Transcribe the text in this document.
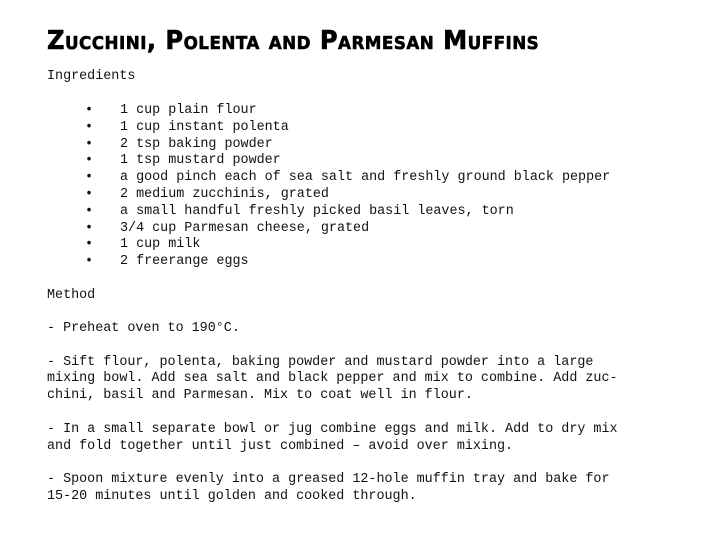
Zucchini, Polenta and Parmesan Muffins
Ingredients
• 1 cup plain flour
• 1 cup instant polenta
• 2 tsp baking powder
• 1 tsp mustard powder
• a good pinch each of sea salt and freshly ground black pepper
• 2 medium zucchinis, grated
• a small handful freshly picked basil leaves, torn
• 3/4 cup Parmesan cheese, grated
• 1 cup milk
• 2 freerange eggs
Method

- Preheat oven to 190°C.

- Sift flour, polenta, baking powder and mustard powder into a large
mixing bowl. Add sea salt and black pepper and mix to combine. Add zuc-
chini, basil and Parmesan. Mix to coat well in flour.

- In a small separate bowl or jug combine eggs and milk. Add to dry mix
and fold together until just combined – avoid over mixing.

- Spoon mixture evenly into a greased 12-hole muffin tray and bake for
15-20 minutes until golden and cooked through.
